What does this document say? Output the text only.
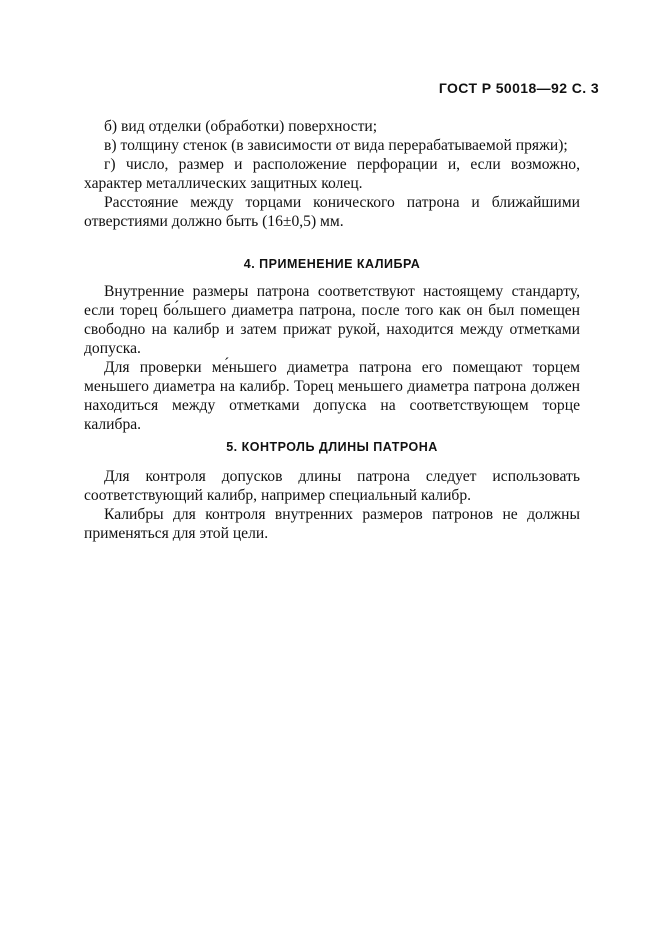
ГОСТ Р 50018—92 С. 3

б) вид отделки (обработки) поверхности;

в) толщину стенок (в зависимости от вида перерабатываемой пряжи);

г) число, размер и расположение перфорации и, если возможно, характер металлических защитных колец.

Расстояние между торцами конического патрона и ближайшими отверстиями должно быть (16±0,5) мм.

4. ПРИМЕНЕНИЕ КАЛИБРА

Внутренние размеры патрона соответствуют настоящему стандарту, если торец бо́льшего диаметра патрона, после того как он был помещен свободно на калибр и затем прижат рукой, находится между отметками допуска.

Для проверки ме́ньшего диаметра патрона его помещают торцем меньшего диаметра на калибр. Торец меньшего диаметра патрона должен находиться между отметками допуска на соответствующем торце калибра.

5. КОНТРОЛЬ ДЛИНЫ ПАТРОНА

Для контроля допусков длины патрона следует использовать соответствующий калибр, например специальный калибр.

Калибры для контроля внутренних размеров патронов не должны применяться для этой цели.
